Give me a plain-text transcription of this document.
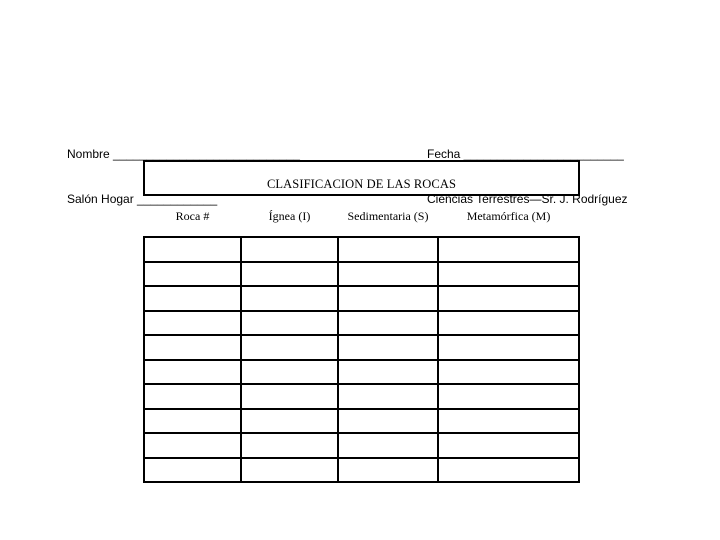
Nombre ____________________________

Salón Hogar ____________

Fecha ________________________

Ciencias Terrestres—Sr. J. Rodríguez

CLASIFICACION DE LAS ROCAS			
Roca #	Ígnea (I)	Sedimentaria (S)	Metamórfica (M)
